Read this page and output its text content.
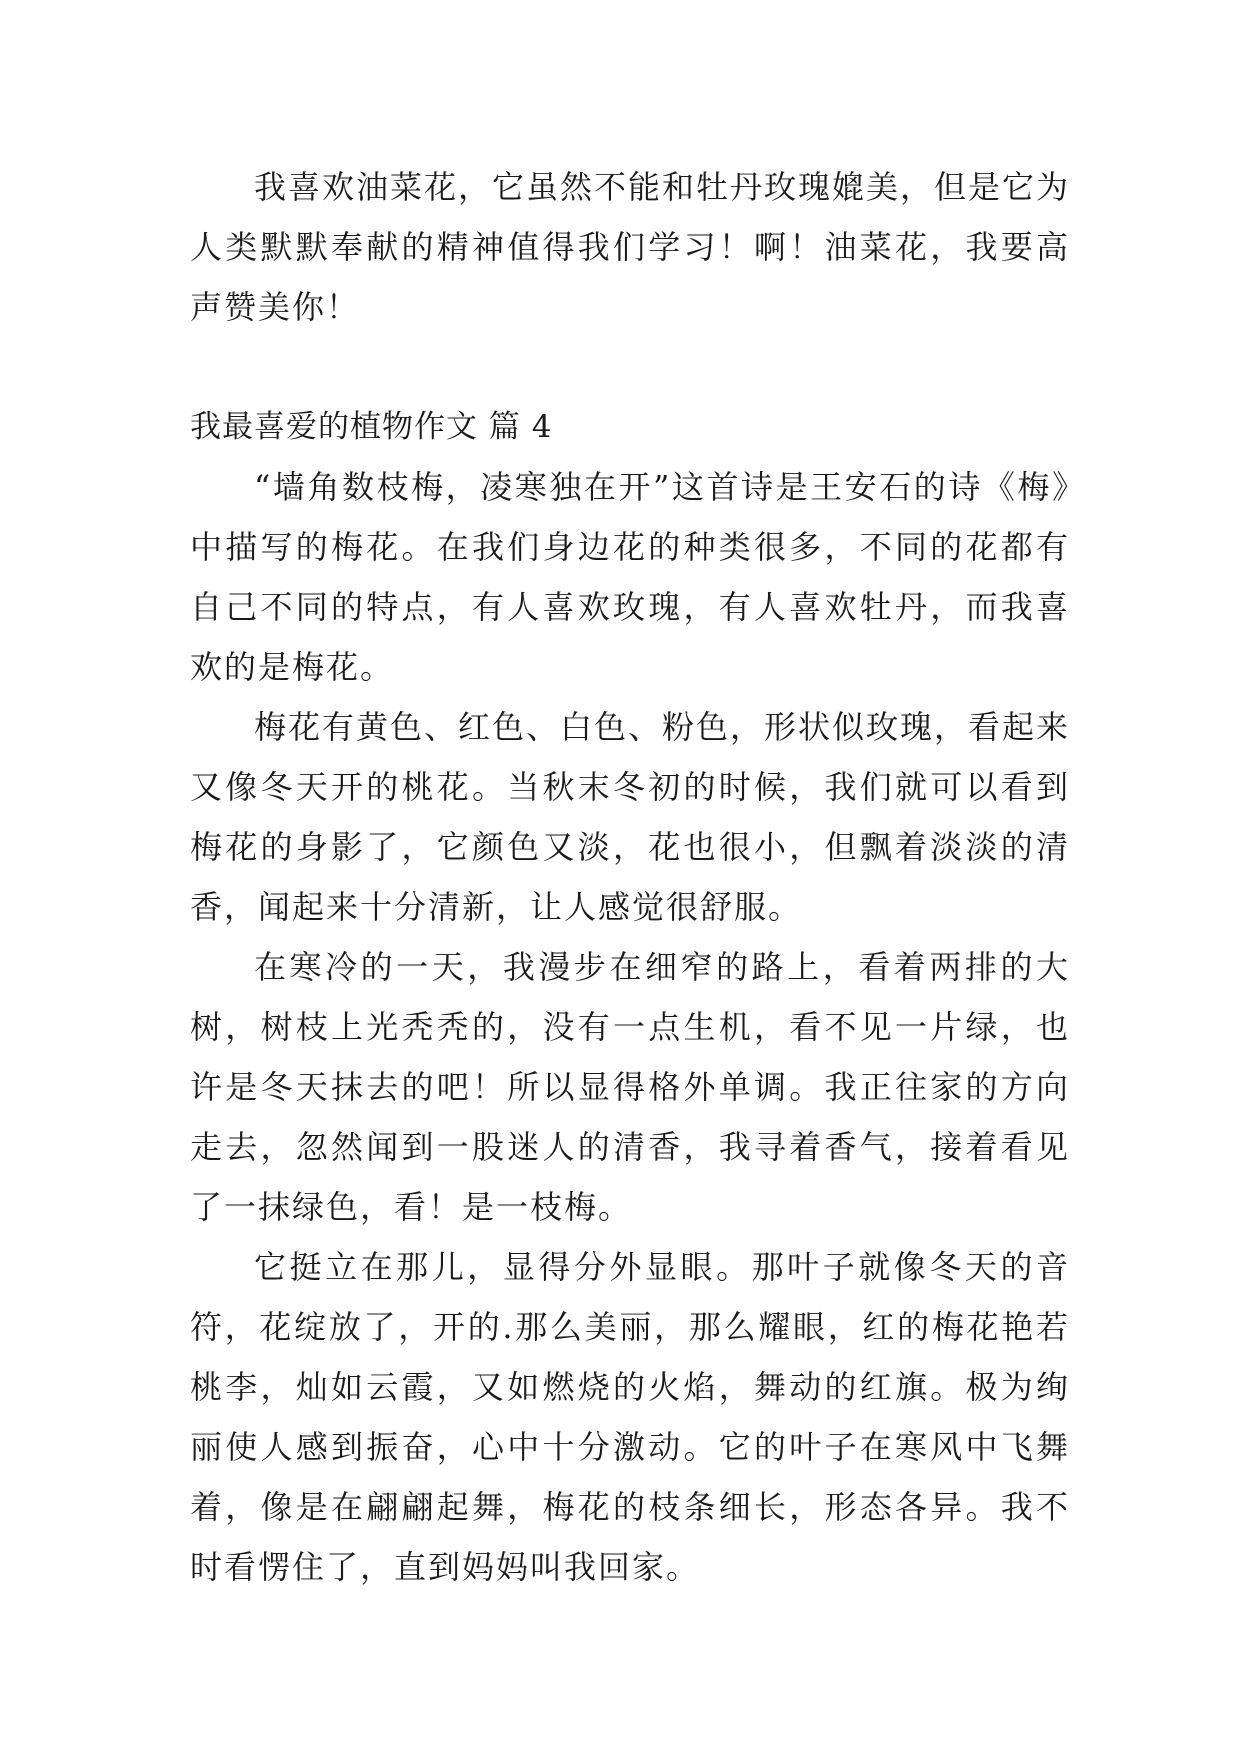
我喜欢油菜花，它虽然不能和牡丹玫瑰媲美，但是它为人类默默奉献的精神值得我们学习！啊！油菜花，我要高声赞美你！

我最喜爱的植物作文 篇 4

“墙角数枝梅，凌寒独在开”这首诗是王安石的诗《梅》中描写的梅花。在我们身边花的种类很多，不同的花都有自己不同的特点，有人喜欢玫瑰，有人喜欢牡丹，而我喜欢的是梅花。

梅花有黄色、红色、白色、粉色，形状似玫瑰，看起来又像冬天开的桃花。当秋末冬初的时候，我们就可以看到梅花的身影了，它颜色又淡，花也很小，但飘着淡淡的清香，闻起来十分清新，让人感觉很舒服。

在寒冷的一天，我漫步在细窄的路上，看着两排的大树，树枝上光秃秃的，没有一点生机，看不见一片绿，也许是冬天抹去的吧！所以显得格外单调。我正往家的方向走去，忽然闻到一股迷人的清香，我寻着香气，接着看见了一抹绿色，看！是一枝梅。

它挺立在那儿，显得分外显眼。那叶子就像冬天的音符，花绽放了，开的.那么美丽，那么耀眼，红的梅花艳若桃李，灿如云霞，又如燃烧的火焰，舞动的红旗。极为绚丽使人感到振奋，心中十分激动。它的叶子在寒风中飞舞着，像是在翩翩起舞，梅花的枝条细长，形态各异。我不时看愣住了，直到妈妈叫我回家。
